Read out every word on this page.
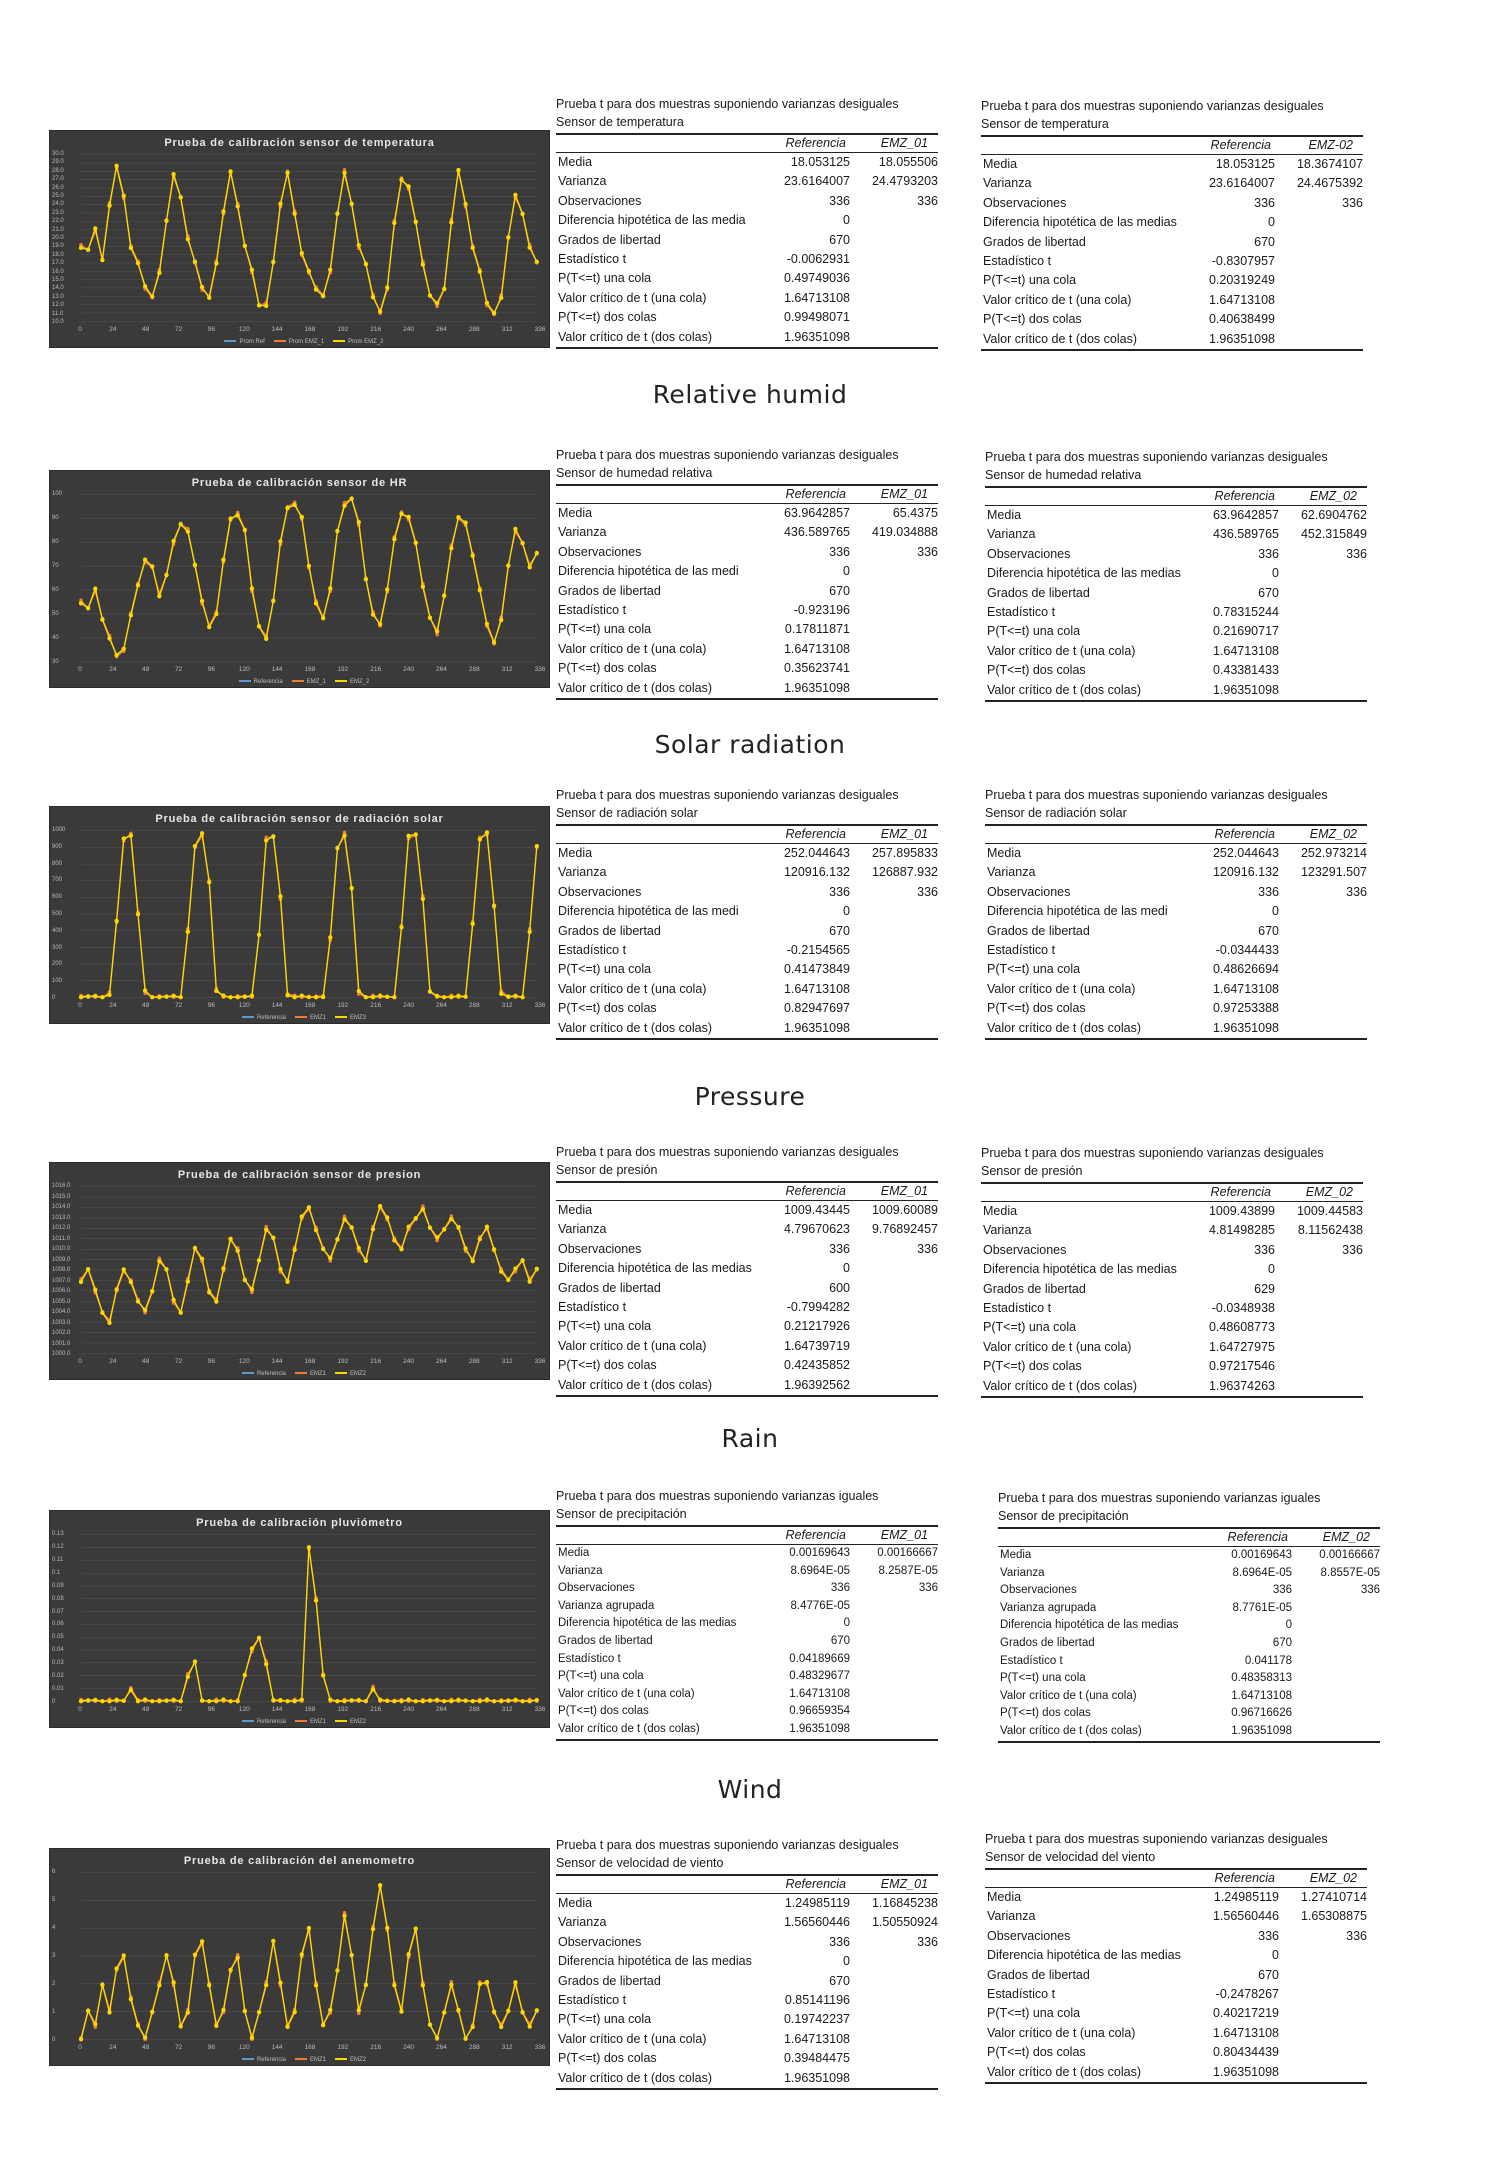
Relative humid
Solar radiation
Pressure
Rain
Wind
30.0
29.0
28.0
27.0
26.0
25.0
24.0
23.0
22.0
21.0
20.0
19.0
18.0
17.0
16.0
15.0
14.0
13.0
12.0
11.0
10.0
0	24	48	72	96	120	144	168	192	216	240	264	288	312	336
Prueba de calibración sensor de temperatura
Prom Ref	Prom EMZ_1	Prom EMZ_2
100
90
80
70
60
50
40
30
0	24	48	72	96	120	144	168	192	216	240	264	288	312	336
Prueba de calibración sensor de HR
Referencia	EMZ_1	EMZ_2
1000
900
800
700
600
500
400
300
200
100
0
0	24	48	72	96	120	144	168	192	216	240	264	288	312	336
Prueba de calibración sensor de radiación solar
Referencia	EMZ1	EMZ3
1016.0
1015.0
1014.0
1013.0
1012.0
1011.0
1010.0
1009.0
1008.0
1007.0
1006.0
1005.0
1004.0
1003.0
1002.0
1001.0
1000.0
0	24	48	72	96	120	144	168	192	216	240	264	288	312	336
Prueba de calibración sensor de presion
Referencia	EMZ1	EMZ2
0.13
0.12
0.11
0.1
0.09
0.08
0.07
0.06
0.05
0.04
0.03
0.02
0.01
0
0	24	48	72	96	120	144	168	192	216	240	264	288	312	336
Prueba de calibración pluviómetro
Referencia	EMZ1	EMZ2
6
5
4
3
2
1
0
0	24	48	72	96	120	144	168	192	216	240	264	288	312	336
Prueba de calibración del anemometro
Referencia	EMZ1	EMZ2
Prueba t para dos muestras suponiendo varianzas desiguales
Sensor de temperatura
Referencia	EMZ_01
Media	18.053125	18.055506
Varianza	23.6164007	24.4793203
Observaciones	336	336
Diferencia hipotética de las media	0
Grados de libertad	670
Estadístico t	-0.0062931
P(T<=t) una cola	0.49749036
Valor crítico de t (una cola)	1.64713108
P(T<=t) dos colas	0.99498071
Valor crítico de t (dos colas)	1.96351098
Prueba t para dos muestras suponiendo varianzas desiguales
Sensor de temperatura
Referencia	EMZ-02
Media	18.053125	18.3674107
Varianza	23.6164007	24.4675392
Observaciones	336	336
Diferencia hipotética de las medias	0
Grados de libertad	670
Estadístico t	-0.8307957
P(T<=t) una cola	0.20319249
Valor crítico de t (una cola)	1.64713108
P(T<=t) dos colas	0.40638499
Valor crítico de t (dos colas)	1.96351098
Prueba t para dos muestras suponiendo varianzas desiguales
Sensor de humedad relativa
Referencia	EMZ_01
Media	63.9642857	65.4375
Varianza	436.589765	419.034888
Observaciones	336	336
Diferencia hipotética de las medi	0
Grados de libertad	670
Estadístico t	-0.923196
P(T<=t) una cola	0.17811871
Valor crítico de t (una cola)	1.64713108
P(T<=t) dos colas	0.35623741
Valor crítico de t (dos colas)	1.96351098
Prueba t para dos muestras suponiendo varianzas desiguales
Sensor de humedad relativa
Referencia	EMZ_02
Media	63.9642857	62.6904762
Varianza	436.589765	452.315849
Observaciones	336	336
Diferencia hipotética de las medias	0
Grados de libertad	670
Estadístico t	0.78315244
P(T<=t) una cola	0.21690717
Valor crítico de t (una cola)	1.64713108
P(T<=t) dos colas	0.43381433
Valor crítico de t (dos colas)	1.96351098
Prueba t para dos muestras suponiendo varianzas desiguales
Sensor de radiación solar
Referencia	EMZ_01
Media	252.044643	257.895833
Varianza	120916.132	126887.932
Observaciones	336	336
Diferencia hipotética de las medi	0
Grados de libertad	670
Estadístico t	-0.2154565
P(T<=t) una cola	0.41473849
Valor crítico de t (una cola)	1.64713108
P(T<=t) dos colas	0.82947697
Valor crítico de t (dos colas)	1.96351098
Prueba t para dos muestras suponiendo varianzas desiguales
Sensor de radiación solar
Referencia	EMZ_02
Media	252.044643	252.973214
Varianza	120916.132	123291.507
Observaciones	336	336
Diferencia hipotética de las medi	0
Grados de libertad	670
Estadístico t	-0.0344433
P(T<=t) una cola	0.48626694
Valor crítico de t (una cola)	1.64713108
P(T<=t) dos colas	0.97253388
Valor crítico de t (dos colas)	1.96351098
Prueba t para dos muestras suponiendo varianzas desiguales
Sensor de presión
Referencia	EMZ_01
Media	1009.43445	1009.60089
Varianza	4.79670623	9.76892457
Observaciones	336	336
Diferencia hipotética de las medias	0
Grados de libertad	600
Estadístico t	-0.7994282
P(T<=t) una cola	0.21217926
Valor crítico de t (una cola)	1.64739719
P(T<=t) dos colas	0.42435852
Valor crítico de t (dos colas)	1.96392562
Prueba t para dos muestras suponiendo varianzas desiguales
Sensor de presión
Referencia	EMZ_02
Media	1009.43899	1009.44583
Varianza	4.81498285	8.11562438
Observaciones	336	336
Diferencia hipotética de las medias	0
Grados de libertad	629
Estadístico t	-0.0348938
P(T<=t) una cola	0.48608773
Valor crítico de t (una cola)	1.64727975
P(T<=t) dos colas	0.97217546
Valor crítico de t (dos colas)	1.96374263
Prueba t para dos muestras suponiendo varianzas iguales
Sensor de precipitación
Referencia	EMZ_01
Media	0.00169643	0.00166667
Varianza	8.6964E-05	8.2587E-05
Observaciones	336	336
Varianza agrupada	8.4776E-05
Diferencia hipotética de las medias	0
Grados de libertad	670
Estadístico t	0.04189669
P(T<=t) una cola	0.48329677
Valor crítico de t (una cola)	1.64713108
P(T<=t) dos colas	0.96659354
Valor crítico de t (dos colas)	1.96351098
Prueba t para dos muestras suponiendo varianzas iguales
Sensor de precipitación
Referencia	EMZ_02
Media	0.00169643	0.00166667
Varianza	8.6964E-05	8.8557E-05
Observaciones	336	336
Varianza agrupada	8.7761E-05
Diferencia hipotética de las medias	0
Grados de libertad	670
Estadístico t	0.041178
P(T<=t) una cola	0.48358313
Valor crítico de t (una cola)	1.64713108
P(T<=t) dos colas	0.96716626
Valor crítico de t (dos colas)	1.96351098
Prueba t para dos muestras suponiendo varianzas desiguales
Sensor de velocidad de viento
Referencia	EMZ_01
Media	1.24985119	1.16845238
Varianza	1.56560446	1.50550924
Observaciones	336	336
Diferencia hipotética de las medias	0
Grados de libertad	670
Estadístico t	0.85141196
P(T<=t) una cola	0.19742237
Valor crítico de t (una cola)	1.64713108
P(T<=t) dos colas	0.39484475
Valor crítico de t (dos colas)	1.96351098
Prueba t para dos muestras suponiendo varianzas desiguales
Sensor de velocidad del viento
Referencia	EMZ_02
Media	1.24985119	1.27410714
Varianza	1.56560446	1.65308875
Observaciones	336	336
Diferencia hipotética de las medias	0
Grados de libertad	670
Estadístico t	-0.2478267
P(T<=t) una cola	0.40217219
Valor crítico de t (una cola)	1.64713108
P(T<=t) dos colas	0.80434439
Valor crítico de t (dos colas)	1.96351098
